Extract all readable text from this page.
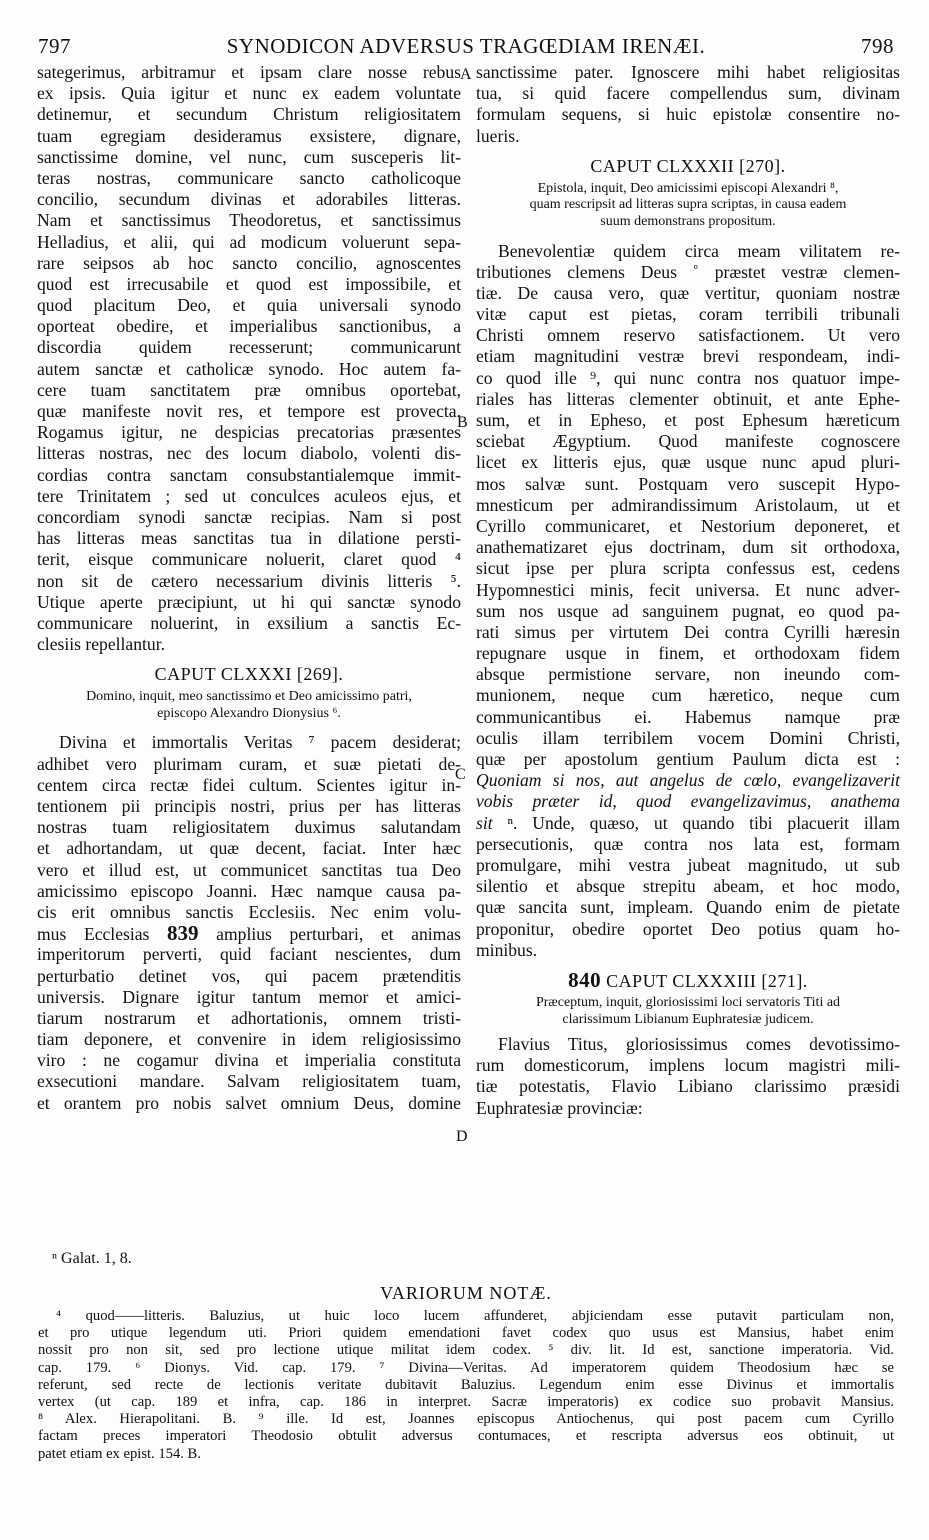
SYNODICON ADVERSUS TRAGŒDIAM IRENÆI.
797	798
A
B
C
D
sategerimus, arbitramur et ipsam clare nosse rebus
ex ipsis. Quia igitur et nunc ex eadem voluntate
detinemur, et secundum Christum religiositatem
tuam egregiam desideramus exsistere, dignare,
sanctissime domine, vel nunc, cum susceperis lit-
teras nostras, communicare sancto catholicoque
concilio, secundum divinas et adorabiles litteras.
Nam et sanctissimus Theodoretus, et sanctissimus
Helladius, et alii, qui ad modicum voluerunt sepa-
rare seipsos ab hoc sancto concilio, agnoscentes
quod est irrecusabile et quod est impossibile, et
quod placitum Deo, et quia universali synodo
oporteat obedire, et imperialibus sanctionibus, a
discordia quidem recesserunt; communicarunt
autem sanctæ et catholicæ synodo. Hoc autem fa-
cere tuam sanctitatem præ omnibus oportebat,
quæ manifeste novit res, et tempore est provecta.
Rogamus igitur, ne despicias precatorias præsentes
litteras nostras, nec des locum diabolo, volenti dis-
cordias contra sanctam consubstantialemque immit-
tere Trinitatem ; sed ut conculces aculeos ejus, et
concordiam synodi sanctæ recipias. Nam si post
has litteras meas sanctitas tua in dilatione persti-
terit, eisque communicare noluerit, claret quod ⁴
non sit de cætero necessarium divinis litteris ⁵.
Utique aperte præcipiunt, ut hi qui sanctæ synodo
communicare noluerint, in exsilium a sanctis Ec-
clesiis repellantur.
CAPUT CLXXXI [269].
Domino, inquit, meo sanctissimo et Deo amicissimo patri,
episcopo Alexandro Dionysius ⁶.
Divina et immortalis Veritas ⁷ pacem desiderat;
adhibet vero plurimam curam, et suæ pietati de-
centem circa rectæ fidei cultum. Scientes igitur in-
tentionem pii principis nostri, prius per has litteras
nostras tuam religiositatem duximus salutandam
et adhortandam, ut quæ decent, faciat. Inter hæc
vero et illud est, ut communicet sanctitas tua Deo
amicissimo episcopo Joanni. Hæc namque causa pa-
cis erit omnibus sanctis Ecclesiis. Nec enim volu-
mus Ecclesias 839 amplius perturbari, et animas
imperitorum perverti, quid faciant nescientes, dum
perturbatio detinet vos, qui pacem prætenditis
universis. Dignare igitur tantum memor et amici-
tiarum nostrarum et adhortationis, omnem tristi-
tiam deponere, et convenire in idem religiosissimo
viro : ne cogamur divina et imperialia constituta
exsecutioni mandare. Salvam religiositatem tuam,
et orantem pro nobis salvet omnium Deus, domine
sanctissime pater. Ignoscere mihi habet religiositas
tua, si quid facere compellendus sum, divinam
formulam sequens, si huic epistolæ consentire no-
lueris.
CAPUT CLXXXII [270].
Epistola, inquit, Deo amicissimi episcopi Alexandri ⁸,
quam rescripsit ad litteras supra scriptas, in causa eadem
suum demonstrans propositum.
Benevolentiæ quidem circa meam vilitatem re-
tributiones clemens Deus ˚ præstet vestræ clemen-
tiæ. De causa vero, quæ vertitur, quoniam nostræ
vitæ caput est pietas, coram terribili tribunali
Christi omnem reservo satisfactionem. Ut vero
etiam magnitudini vestræ brevi respondeam, indi-
co quod ille ⁹, qui nunc contra nos quatuor impe-
riales has litteras clementer obtinuit, et ante Ephe-
sum, et in Epheso, et post Ephesum hæreticum
sciebat Ægyptium. Quod manifeste cognoscere
licet ex litteris ejus, quæ usque nunc apud pluri-
mos salvæ sunt. Postquam vero suscepit Hypo-
mnesticum per admirandissimum Aristolaum, ut et
Cyrillo communicaret, et Nestorium deponeret, et
anathematizaret ejus doctrinam, dum sit orthodoxa,
sicut ipse per plura scripta confessus est, cedens
Hypomnestici minis, fecit universa. Et nunc adver-
sum nos usque ad sanguinem pugnat, eo quod pa-
rati simus per virtutem Dei contra Cyrilli hæresin
repugnare usque in finem, et orthodoxam fidem
absque permistione servare, non ineundo com-
munionem, neque cum hæretico, neque cum
communicantibus ei. Habemus namque præ
oculis illam terribilem vocem Domini Christi,
quæ per apostolum gentium Paulum dicta est :
Quoniam si nos, aut angelus de cœlo, evangelizaverit
vobis præter id, quod evangelizavimus, anathema
sit ⁿ. Unde, quæso, ut quando tibi placuerit illam
persecutionis, quæ contra nos lata est, formam
promulgare, mihi vestra jubeat magnitudo, ut sub
silentio et absque strepitu abeam, et hoc modo,
quæ sancita sunt, impleam. Quando enim de pietate
proponitur, obedire oportet Deo potius quam ho-
minibus.
840 CAPUT CLXXXIII [271].
Præceptum, inquit, gloriosissimi loci servatoris Titi ad
clarissimum Libianum Euphratesiæ judicem.
Flavius Titus, gloriosissimus comes devotissimo-
rum domesticorum, implens locum magistri mili-
tiæ potestatis, Flavio Libiano clarissimo præsidi
Euphratesiæ provinciæ:
ⁿ Galat. 1, 8.
VARIORUM NOTÆ.
⁴ quod——litteris. Baluzius, ut huic loco lucem affunderet, abjiciendam esse putavit particulam non,
et pro utique legendum uti. Priori quidem emendationi favet codex quo usus est Mansius, habet enim
nossit pro non sit, sed pro lectione utique militat idem codex. ⁵ div. lit. Id est, sanctione imperatoria. Vid.
cap. 179. ⁶ Dionys. Vid. cap. 179. ⁷ Divina—Veritas. Ad imperatorem quidem Theodosium hæc se
referunt, sed recte de lectionis veritate dubitavit Baluzius. Legendum enim esse Divinus et immortalis
vertex (ut cap. 189 et infra, cap. 186 in interpret. Sacræ imperatoris) ex codice suo probavit Mansius.
⁸ Alex. Hierapolitani. B. ⁹ ille. Id est, Joannes episcopus Antiochenus, qui post pacem cum Cyrillo
factam preces imperatori Theodosio obtulit adversus contumaces, et rescripta adversus eos obtinuit, ut
patet etiam ex epist. 154. B.
